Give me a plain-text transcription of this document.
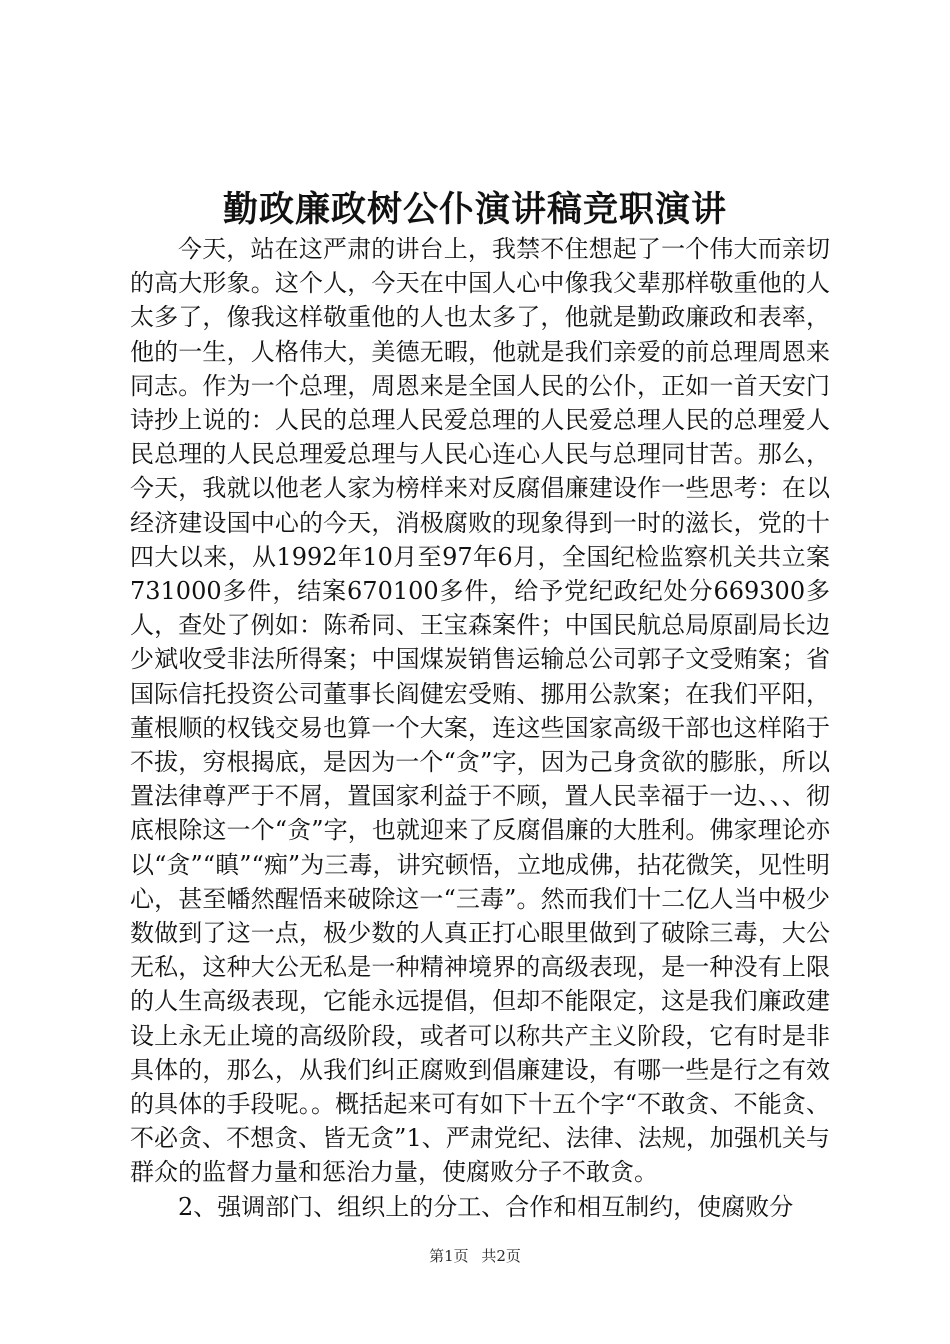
勤政廉政树公仆演讲稿竞职演讲

今天，站在这严肃的讲台上，我禁不住想起了一个伟大而亲切的高大形象。这个人，今天在中国人心中像我父辈那样敬重他的人太多了，像我这样敬重他的人也太多了，他就是勤政廉政和表率，他的一生，人格伟大，美德无暇，他就是我们亲爱的前总理周恩来同志。作为一个总理，周恩来是全国人民的公仆，正如一首天安门诗抄上说的：人民的总理人民爱总理的人民爱总理人民的总理爱人民总理的人民总理爱总理与人民心连心人民与总理同甘苦。那么，今天，我就以他老人家为榜样来对反腐倡廉建设作一些思考：在以经济建设国中心的今天，消极腐败的现象得到一时的滋长，党的十四大以来，从1992年10月至97年6月，全国纪检监察机关共立案731000多件，结案670100多件，给予党纪政纪处分669300多人，查处了例如：陈希同、王宝森案件；中国民航总局原副局长边少斌收受非法所得案；中国煤炭销售运输总公司郭子文受贿案；省国际信托投资公司董事长阎健宏受贿、挪用公款案；在我们平阳，董根顺的权钱交易也算一个大案，连这些国家高级干部也这样陷于不拔，穷根揭底，是因为一个“贪”字，因为己身贪欲的膨胀，所以置法律尊严于不屑，置国家利益于不顾，置人民幸福于一边、、、彻底根除这一个“贪”字，也就迎来了反腐倡廉的大胜利。佛家理论亦以“贪”“瞋”“痴”为三毒，讲究顿悟，立地成佛，拈花微笑，见性明心，甚至幡然醒悟来破除这一“三毒”。然而我们十二亿人当中极少数做到了这一点，极少数的人真正打心眼里做到了破除三毒，大公无私，这种大公无私是一种精神境界的高级表现，是一种没有上限的人生高级表现，它能永远提倡，但却不能限定，这是我们廉政建设上永无止境的高级阶段，或者可以称共产主义阶段，它有时是非具体的，那么，从我们纠正腐败到倡廉建设，有哪一些是行之有效的具体的手段呢。。概括起来可有如下十五个字“不敢贪、不能贪、不必贪、不想贪、皆无贪”1、严肃党纪、法律、法规，加强机关与群众的监督力量和惩治力量，使腐败分子不敢贪。

2、强调部门、组织上的分工、合作和相互制约，使腐败分

第1页 共2页
